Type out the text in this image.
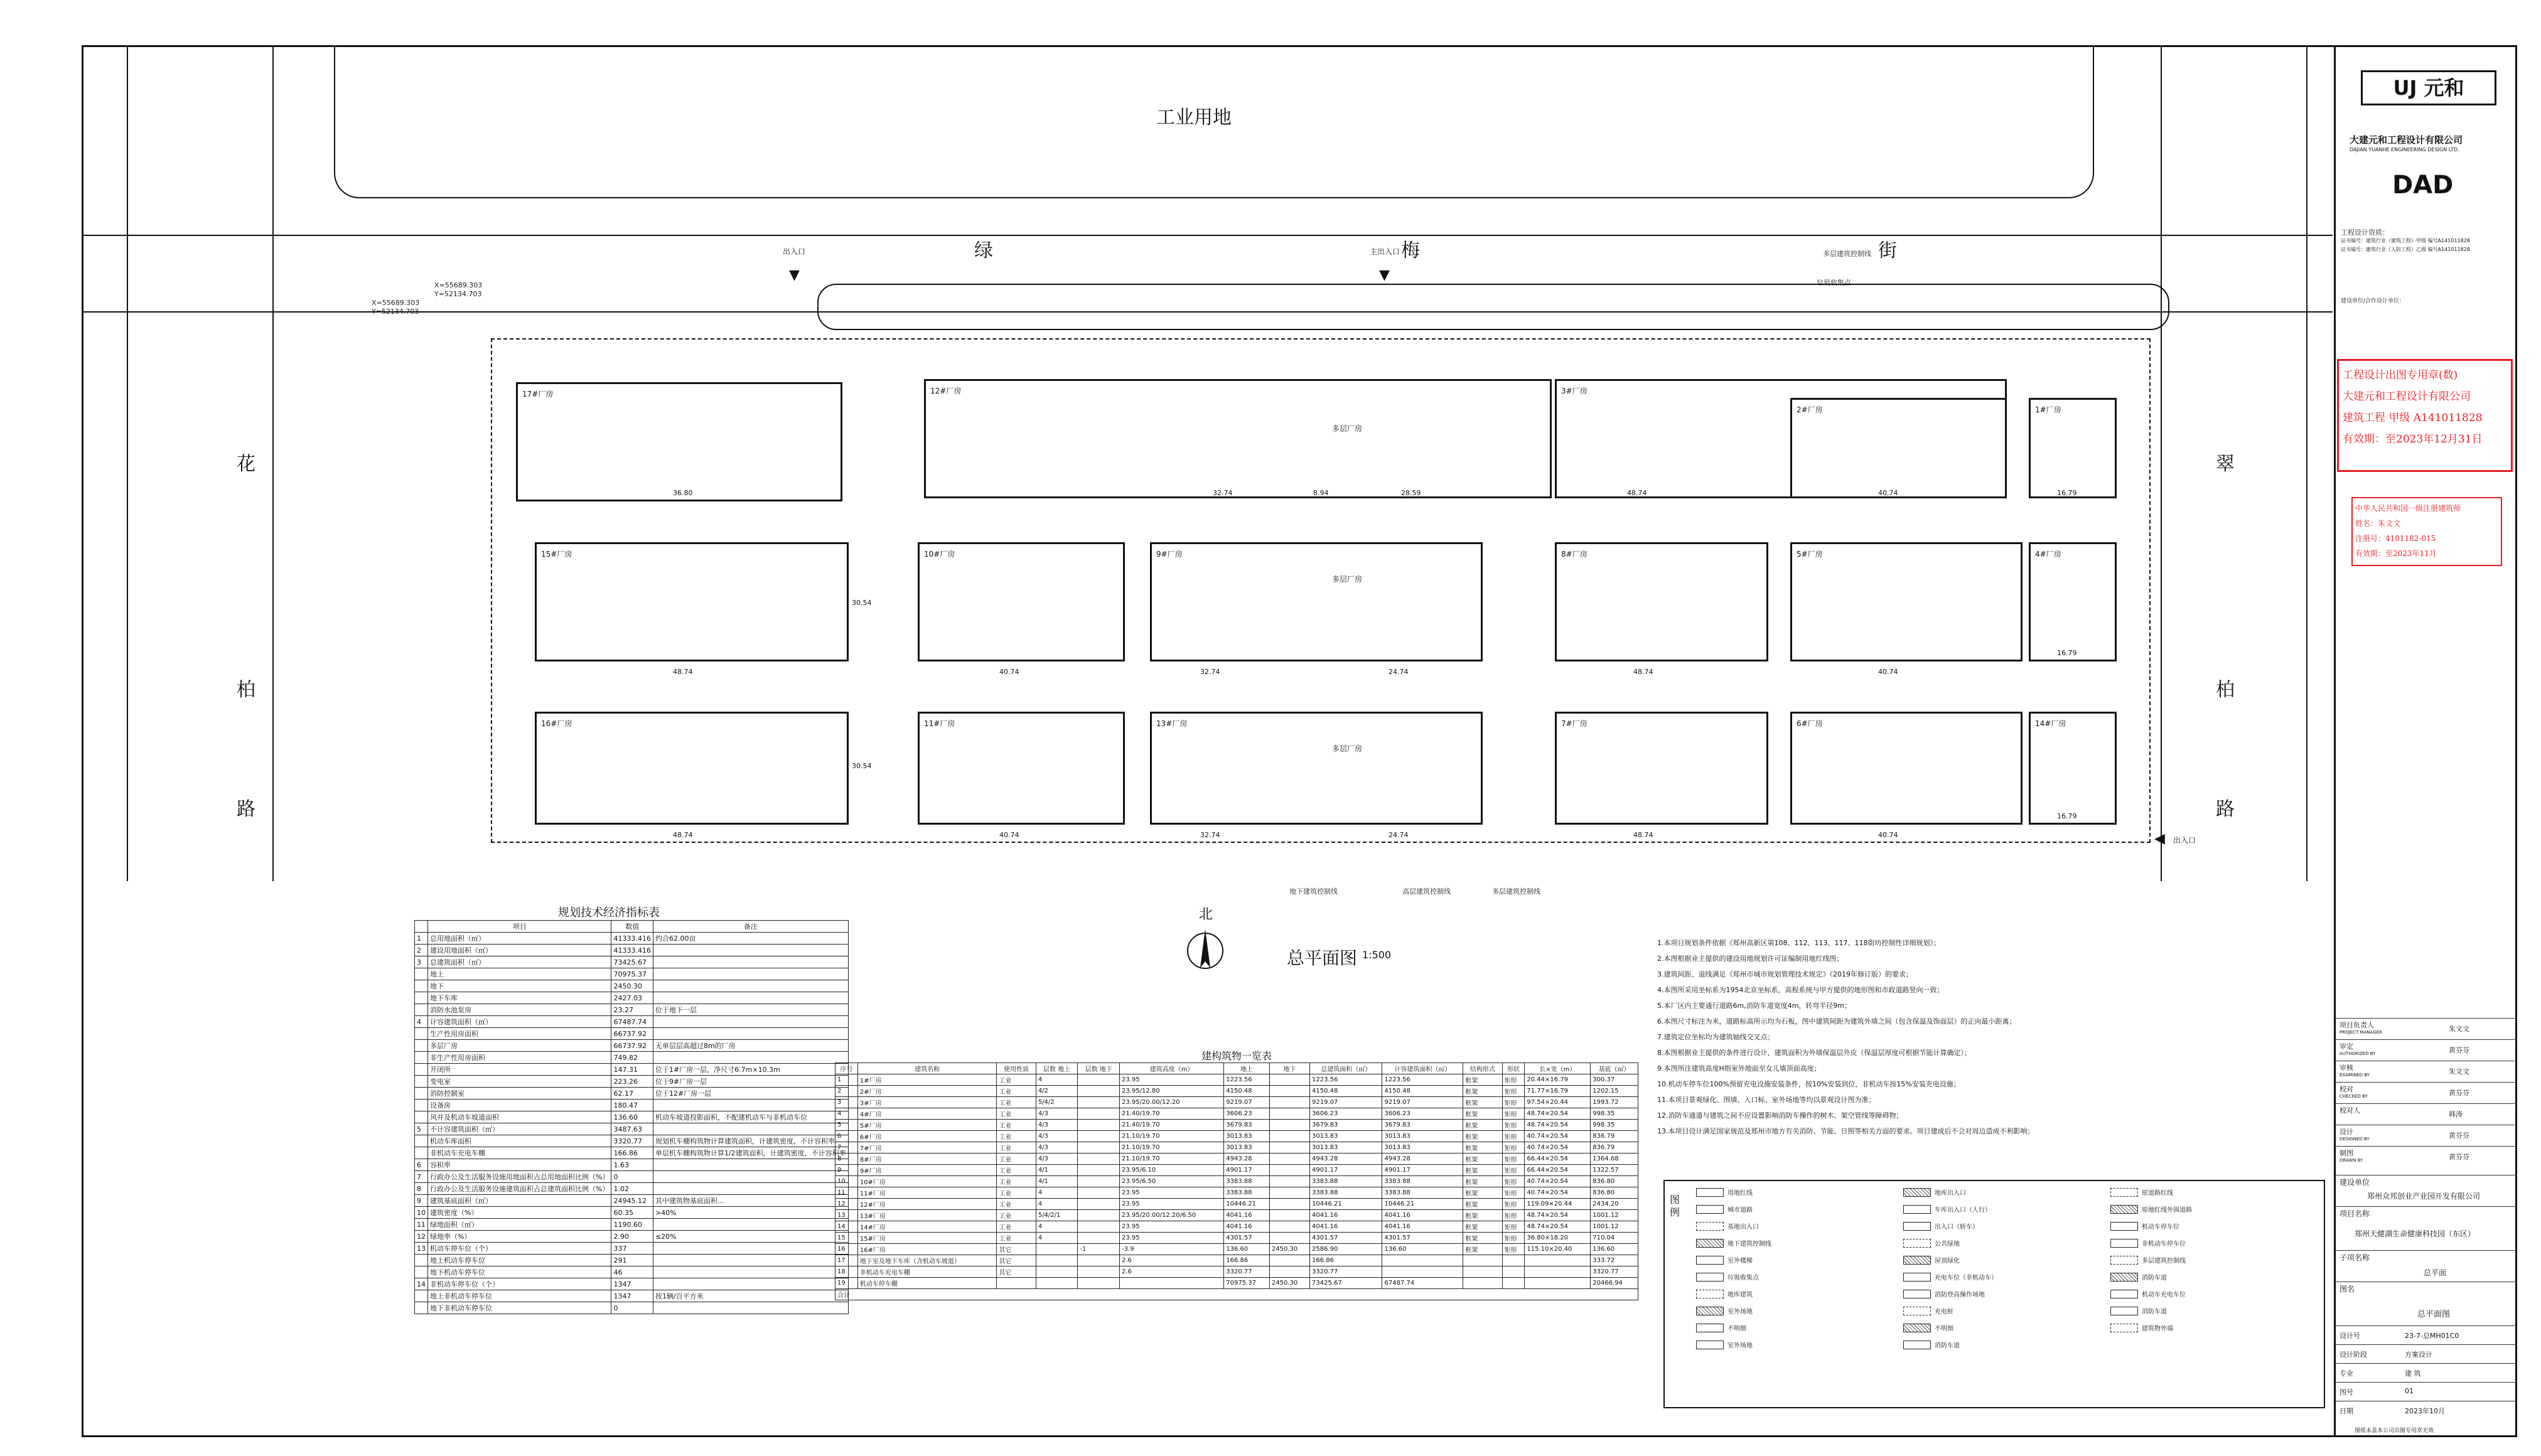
工业用地
绿	梅	街
花
柏
路
翠
柏
路
出入口	主出入口
出入口
▼	▼
◀
X=55689.303
Y=52134.703
X=55689.303
Y=52134.703
多层建筑控制线
垃圾收集点
地下建筑控制线	高层建筑控制线	多层建筑控制线
17#厂房
36.80
12#厂房
32.74
多层厂房
8.94	28.59
3#厂房
48.74
2#厂房
40.74
1#厂房
16.79
15#厂房
48.74
30.54
10#厂房
40.74
9#厂房
32.74
多层厂房
24.74
8#厂房
48.74
5#厂房
40.74
4#厂房
16.79
16#厂房
48.74
30.54
11#厂房
40.74
13#厂房
32.74
多层厂房
24.74
7#厂房
48.74
6#厂房
40.74
14#厂房
16.79
北
总平面图 1:500
规划技术经济指标表
	项目	数值	备注
1	总用地面积（㎡）	41333.416	约合62.00亩
2	建设用地面积（㎡）	41333.416	
3	总建筑面积（㎡）	73425.67	
	地上	70975.37	
	地下	2450.30	
	地下车库	2427.03	
	消防水池泵房	23.27	位于地下一层
4	计容建筑面积（㎡）	67487.74	
	生产性用房面积	66737.92	
	多层厂房	66737.92	无单层层高超过8m的厂房
	非生产性用房面积	749.82	
	开闭所	147.31	位于1#厂房一层，净尺寸6.7m×10.3m
	变电室	223.26	位于9#厂房一层
	消防控制室	62.17	位于12#厂房一层
	设备房	180.47	
	风井及机动车坡道面积	136.60	机动车坡道投影面积，不配建机动车与非机动车位
5	不计容建筑面积（㎡）	3487.63	
	机动车库面积	3320.77	规划机车棚构筑物计算建筑面积，计建筑密度，不计容积率
	非机动车充电车棚	166.86	单层机车棚构筑物计算1/2建筑面积，计建筑密度，不计容积率
6	容积率	1.63	
7	行政办公及生活服务设施用地面积占总用地面积比例（%）	0	
8	行政办公及生活服务设施建筑面积占总建筑面积比例（%）	1.02	
9	建筑基底面积（㎡）	24945.12	其中建筑物基底面积...
10	建筑密度（%）	60.35	>40%
11	绿地面积（㎡）	1190.60	
12	绿地率（%）	2.90	≤20%
13	机动车停车位（个）	337	
	地上机动车停车位	291	
	地下机动车停车位	46	
14	非机动车停车位（个）	1347	
	地上非机动车停车位	1347	按1辆/百平方米
	地下非机动车停车位	0	
建构筑物一览表
序号	建筑名称	使用性质	层数 地上	层数 地下	建筑高度（m）	地上	地下	总建筑面积（㎡）	计容建筑面积（㎡）	结构形式	形状	长×宽（m）	基底（㎡）
1	1#厂房	工业	4		23.95	1223.56		1223.56	1223.56	框架	矩形	20.44×16.79	300.37
2	2#厂房	工业	4/2		23.95/12.80	4150.48		4150.48	4150.48	框架	矩形	71.77×16.79	1202.15
3	3#厂房	工业	5/4/2		23.95/20.00/12.20	9219.07		9219.07	9219.07	框架	矩形	97.54×20.44	1993.72
4	4#厂房	工业	4/3		21.40/19.70	3606.23		3606.23	3606.23	框架	矩形	48.74×20.54	998.35
5	5#厂房	工业	4/3		21.40/19.70	3679.83		3679.83	3679.83	框架	矩形	48.74×20.54	998.35
6	6#厂房	工业	4/3		21.10/19.70	3013.83		3013.83	3013.83	框架	矩形	40.74×20.54	836.79
7	7#厂房	工业	4/3		21.10/19.70	3013.83		3013.83	3013.83	框架	矩形	40.74×20.54	836.79
8	8#厂房	工业	4/3		21.10/19.70	4943.28		4943.28	4943.28	框架	矩形	66.44×20.54	1364.68
9	9#厂房	工业	4/1		23.95/6.10	4901.17		4901.17	4901.17	框架	矩形	66.44×20.54	1322.57
10	10#厂房	工业	4/1		23.95/6.50	3383.88		3383.88	3383.88	框架	矩形	40.74×20.54	836.80
11	11#厂房	工业	4		23.95	3383.88		3383.88	3383.88	框架	矩形	40.74×20.54	836.80
12	12#厂房	工业	4		23.95	10446.21		10446.21	10446.21	框架	矩形	119.09×20.44	2434.20
13	13#厂房	工业	5/4/2/1		23.95/20.00/12.20/6.50	4041.16		4041.16	4041.16	框架	矩形	48.74×20.54	1001.12
14	14#厂房	工业	4		23.95	4041.16		4041.16	4041.16	框架	矩形	48.74×20.54	1001.12
15	15#厂房	工业	4		23.95	4301.57		4301.57	4301.57	框架	矩形	36.80×18.20	710.04
16	16#厂房	其它		-1	-3.9	136.60	2450.30	2586.90	136.60	框架	矩形	115.10×20.40	136.60
17	地下室及地下车库（含机动车坡道）	其它			2.6	166.86		166.86					333.72
18	非机动车充电车棚	其它			2.6	3320.77		3320.77					3320.77
19	机动车停车棚					70975.37	2450.30	73425.67	67487.74				20466.94
合计													
1.本项目规划条件依据《郑州高新区第108、112、113、117、118街坊控制性详细规划》；
2.本图根据业主提供的建设用地规划许可证编制用地红线图；
3.建筑间距、退线满足《郑州市城市规划管理技术规定》（2019年修订版）的要求；
4.本图所采用坐标系为1954北京坐标系，高程系统与甲方提供的地形图和市政道路竖向一致；
5.本厂区内主要通行道路6m,消防车道宽度4m，转弯半径9m；
6.本图尺寸标注为米，道路标高所示均为石板，图中建筑间距为建筑外墙之间（包含保温及饰面层）的正向最小距离；
7.建筑定位坐标均为建筑轴线交叉点；
8.本图根据业主提供的条件进行设计，建筑面积为外墙保温层外皮（保温层厚度可根据节能计算确定）；
9.本图所注建筑高度H指室外地面至女儿墙顶面高度；
10.机动车停车位100%预留充电设施安装条件，按10%安装到位，非机动车按15%安装充电设施；
11.本项目景观绿化、围墙、入口标、室外场地等均以景观设计图为准；
12.消防车通道与建筑之间不应设置影响消防车操作的树木、架空管线等障碍物；
13.本项目设计满足国家规范及郑州市地方有关消防、节能、日照等相关方面的要求。项目建成后不会对周边造成不利影响；
图例
用地红线	地库出入口	原道路红线
城市道路	车库出入口（人行）	原地红线外围道路
基地出入口	出入口（轿车）	机动车停车位
地下建筑控制线	公共绿地	非机动车停车位
室外楼梯	屋顶绿化	多层建筑控制线
垃圾收集点	充电车位（非机动车）	消防车道
地库建筑	消防登高操作场地	机动车充电车位
室外场地	充电桩	消防车道
不明细	不明细	建筑物外墙
室外场地	消防车道
UJ 元和
大建元和工程设计有限公司
DAJIAN YUANHE ENGINEERING DESIGN LTD.
DAD
工程设计资质：
证书编号：建筑行业（建筑工程）甲级 编号A141011828
证书编号：建筑行业（人防工程）乙级 编号A141011828
建设单位/合作设计单位：
工程设计出图专用章(数)
大建元和工程设计有限公司
建筑工程 甲级 A141011828
有效期：至2023年12月31日
中华人民共和国一级注册建筑师
姓名：朱文文
注册号：4101182-015
有效期：至2023年11月
项目负责人
PROJECT MANAGER	朱文文
审定
AUTHORIZED BY	黄芬芬
审核
EXAMINED BY	朱文文
校对
CHECKED BY	黄芬芬
校对人	韩涛
设计
DESIGNED BY	黄芬芬
制图
DRAWN BY	黄芬芬
建设单位
郑州众邦创业产业园开发有限公司
项目名称
郑州天健湖生命健康科技园（东区）
子项名称
总平面
图名
总平面图
设计号	23-7-总MH01C0
设计阶段	方案设计
专业	建 筑
图号	01
日期	2023年10月
图纸未盖本公司出图专用章无效
